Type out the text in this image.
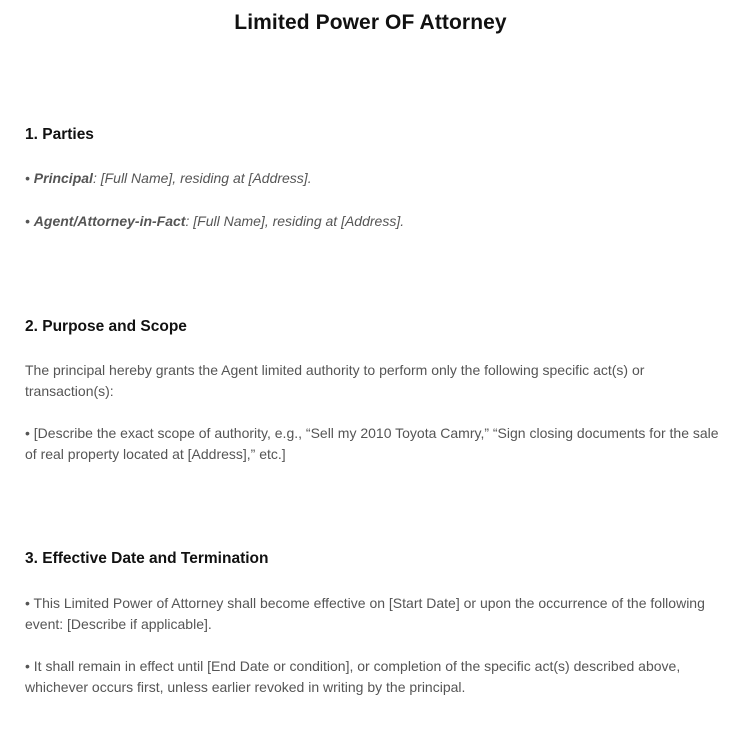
Limited Power OF Attorney
1. Parties

• Principal: [Full Name], residing at [Address].

• Agent/Attorney-in-Fact: [Full Name], residing at [Address].

2. Purpose and Scope

The principal hereby grants the Agent limited authority to perform only the following specific act(s) or transaction(s):

• [Describe the exact scope of authority, e.g., “Sell my 2010 Toyota Camry,” “Sign closing documents for the sale of real property located at [Address],” etc.]

3. Effective Date and Termination

• This Limited Power of Attorney shall become effective on [Start Date] or upon the occurrence of the following event: [Describe if applicable].

• It shall remain in effect until [End Date or condition], or completion of the specific act(s) described above, whichever occurs first, unless earlier revoked in writing by the principal.
